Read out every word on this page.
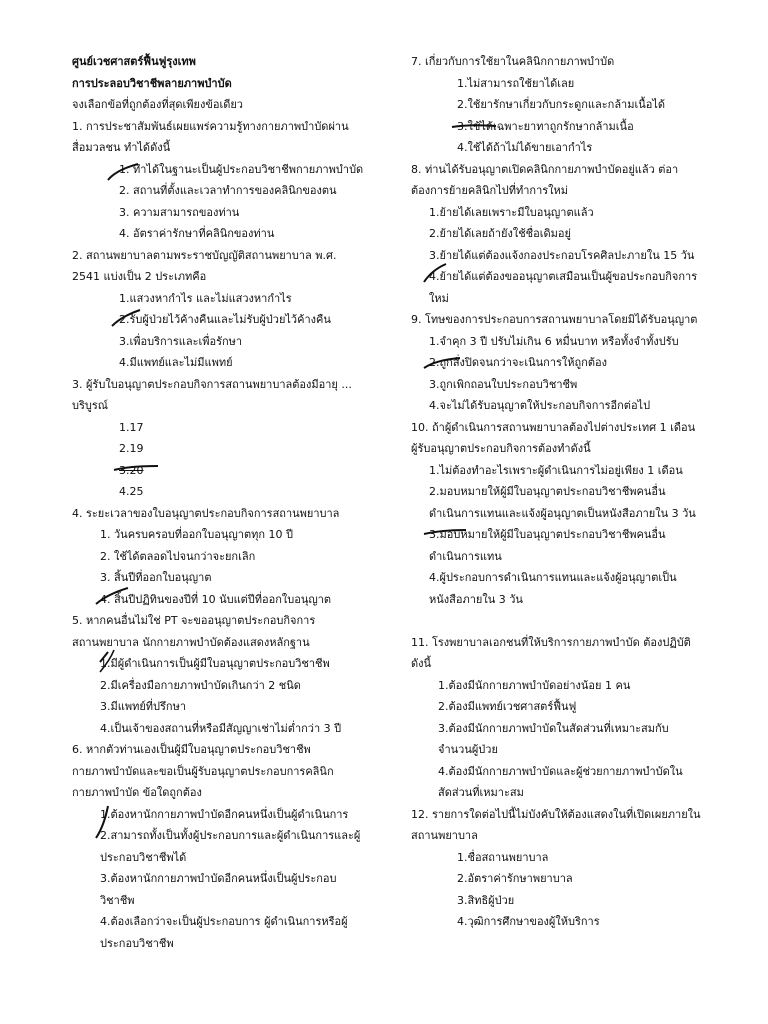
ศูนย์เวชศาสตร์ฟื้นฟูรุงเทพ
การประลอบวิชาชีพลายภาพบำบัด
จงเลือกข้อที่ถูกต้องที่สุดเพียงข้อเดียว
1. การประชาสัมพันธ์เผยแพร่ความรู้ทางกายภาพบำบัดผ่าน
สื่อมวลชน ทำได้ดังนี้
1. ทำได้ในฐานะเป็นผู้ประกอบวิชาชีพกายภาพบำบัด
2. สถานที่ตั้งและเวลาทำการของคลินิกของตน
3. ความสามารถของท่าน
4. อัตราค่ารักษาที่คลินิกของท่าน
2. สถานพยาบาลตามพระราชบัญญัติสถานพยาบาล พ.ศ.
2541 แบ่งเป็น 2 ประเภทคือ
1.แสวงหากำไร และไม่แสวงหากำไร
2.รับผู้ป่วยไว้ค้างคืนและไม่รับผู้ป่วยไว้ค้างคืน
3.เพื่อบริการและเพื่อรักษา
4.มีแพทย์และไม่มีแพทย์
3. ผู้รับใบอนุญาตประกอบกิจการสถานพยาบาลต้องมีอายุ ...
บริบูรณ์
1.17
2.19
3.20
4.25
4. ระยะเวลาของใบอนุญาตประกอบกิจการสถานพยาบาล
1. วันครบครอบที่ออกใบอนุญาตทุก 10 ปี
2. ใช้ได้ตลอดไปจนกว่าจะยกเลิก
3. สิ้นปีที่ออกใบอนุญาต
4. สิ้นปีปฏิทินของปีที่ 10 นับแต่ปีที่ออกใบอนุญาต
5. หากคนอื่นไม่ใช่ PT จะขออนุญาตประกอบกิจการ
สถานพยาบาล นักกายภาพบำบัดต้องแสดงหลักฐาน
1.มีผู้ดำเนินการเป็นผู้มีใบอนุญาตประกอบวิชาชีพ
2.มีเครื่องมือกายภาพบำบัดเกินกว่า 2 ชนิด
3.มีแพทย์ที่ปรึกษา
4.เป็นเจ้าของสถานที่หรือมีสัญญาเช่าไม่ต่ำกว่า 3 ปี
6. หากตัวท่านเองเป็นผู้มีใบอนุญาตประกอบวิชาชีพ
กายภาพบำบัดและขอเป็นผู้รับอนุญาตประกอบการคลินิก
กายภาพบำบัด ข้อใดถูกต้อง
1.ต้องหานักกายภาพบำบัดอีกคนหนึ่งเป็นผู้ดำเนินการ
2.สามารถทั้งเป็นทั้งผู้ประกอบการและผู้ดำเนินการและผู้
ประกอบวิชาชีพได้
3.ต้องหานักกายภาพบำบัดอีกคนหนึ่งเป็นผู้ประกอบ
วิชาชีพ
4.ต้องเลือกว่าจะเป็นผู้ประกอบการ ผู้ดำเนินการหรือผู้
ประกอบวิชาชีพ
7. เกี่ยวกับการใช้ยาในคลินิกกายภาพบำบัด
1.ไม่สามารถใช้ยาได้เลย
2.ใช้ยารักษาเกี่ยวกับกระดูกและกล้ามเนื้อได้
3.ใช้ได้เฉพาะยาทาถูกรักษากล้ามเนื้อ
4.ใช้ได้ถ้าไม่ได้ขายเอากำไร
8. ท่านได้รับอนุญาตเปิดคลินิกกายภาพบำบัดอยู่แล้ว ต่อา
ต้องการย้ายคลินิกไปที่ทำการใหม่
1.ย้ายได้เลยเพราะมีใบอนุญาตแล้ว
2.ย้ายได้เลยถ้ายังใช้ชื่อเดิมอยู่
3.ย้ายได้แต่ต้องแจ้งกองประกอบโรคศิลปะภายใน 15 วัน
4.ย้ายได้แต่ต้องขออนุญาตเสมือนเป็นผู้ขอประกอบกิจการ
ใหม่
9. โทษของการประกอบการสถานพยาบาลโดยมิได้รับอนุญาต
1.จำคุก 3 ปี ปรับไม่เกิน 6 หมื่นบาท หรือทั้งจำทั้งปรับ
2.ถูกสั่งปิดจนกว่าจะเนินการให้ถูกต้อง
3.ถูกเพิกถอนใบประกอบวิชาชีพ
4.จะไม่ได้รับอนุญาตให้ประกอบกิจการอีกต่อไป
10. ถ้าผู้ดำเนินการสถานพยาบาลต้องไปต่างประเทศ 1 เดือน
ผู้รับอนุญาตประกอบกิจการต้องทำดังนี้
1.ไม่ต้องทำอะไรเพราะผู้ดำเนินการไม่อยู่เพียง 1 เดือน
2.มอบหมายให้ผู้มีใบอนุญาตประกอบวิชาชีพคนอื่น
ดำเนินการแทนและแจ้งผู้อนุญาตเป็นหนังสือภายใน 3 วัน
3.มอบหมายให้ผู้มีใบอนุญาตประกอบวิชาชีพคนอื่น
ดำเนินการแทน
4.ผู้ประกอบการดำเนินการแทนและแจ้งผู้อนุญาตเป็น
หนังสือภายใน 3 วัน
11. โรงพยาบาลเอกชนที่ให้บริการกายภาพบำบัด ต้องปฏิบัติ
ดังนี้
1.ต้องมีนักกายภาพบำบัดอย่างน้อย 1 คน
2.ต้องมีแพทย์เวชศาสตร์ฟื้นฟู
3.ต้องมีนักกายภาพบำบัดในสัดส่วนที่เหมาะสมกับ
จำนวนผู้ป่วย
4.ต้องมีนักกายภาพบำบัดและผู้ช่วยกายภาพบำบัดใน
สัดส่วนที่เหมาะสม
12. รายการใดต่อไปนี้ไม่บังคับให้ต้องแสดงในที่เปิดเผยภายใน
สถานพยาบาล
1.ชื่อสถานพยาบาล
2.อัตราค่ารักษาพยาบาล
3.สิทธิผู้ป่วย
4.วุฒิการศึกษาของผู้ให้บริการ
